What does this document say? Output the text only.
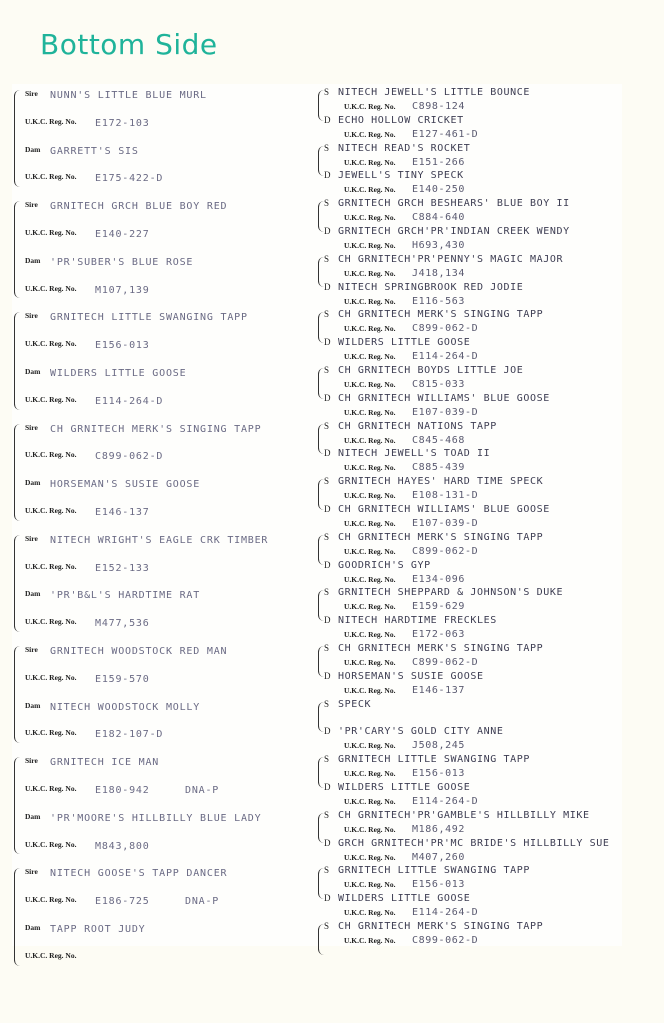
Bottom Side
Sire NUNN'S LITTLE BLUE MURL
U.K.C. Reg. No. E172-103
Dam GARRETT'S SIS
U.K.C. Reg. No. E175-422-D
Sire GRNITECH GRCH BLUE BOY RED
U.K.C. Reg. No. E140-227
Dam 'PR'SUBER'S BLUE ROSE
U.K.C. Reg. No. M107,139
Sire GRNITECH LITTLE SWANGING TAPP
U.K.C. Reg. No. E156-013
Dam WILDERS LITTLE GOOSE
U.K.C. Reg. No. E114-264-D
Sire CH GRNITECH MERK'S SINGING TAPP
U.K.C. Reg. No. C899-062-D
Dam HORSEMAN'S SUSIE GOOSE
U.K.C. Reg. No. E146-137
Sire NITECH WRIGHT'S EAGLE CRK TIMBER
U.K.C. Reg. No. E152-133
Dam 'PR'B&L'S HARDTIME RAT
U.K.C. Reg. No. M477,536
Sire GRNITECH WOODSTOCK RED MAN
U.K.C. Reg. No. E159-570
Dam NITECH WOODSTOCK MOLLY
U.K.C. Reg. No. E182-107-D
Sire GRNITECH ICE MAN
U.K.C. Reg. No. E180-942	DNA-P
Dam 'PR'MOORE'S HILLBILLY BLUE LADY
U.K.C. Reg. No. M843,800
Sire NITECH GOOSE'S TAPP DANCER
U.K.C. Reg. No. E186-725	DNA-P
Dam TAPP ROOT JUDY
U.K.C. Reg. No.
S NITECH JEWELL'S LITTLE BOUNCE
U.K.C. Reg. No. C898-124
D ECHO HOLLOW CRICKET
U.K.C. Reg. No. E127-461-D
S NITECH READ'S ROCKET
U.K.C. Reg. No. E151-266
D JEWELL'S TINY SPECK
U.K.C. Reg. No. E140-250
S GRNITECH GRCH BESHEARS' BLUE BOY II
U.K.C. Reg. No. C884-640
D GRNITECH GRCH'PR'INDIAN CREEK WENDY
U.K.C. Reg. No. H693,430
S CH GRNITECH'PR'PENNY'S MAGIC MAJOR
U.K.C. Reg. No. J418,134
D NITECH SPRINGBROOK RED JODIE
U.K.C. Reg. No. E116-563
S CH GRNITECH MERK'S SINGING TAPP
U.K.C. Reg. No. C899-062-D
D WILDERS LITTLE GOOSE
U.K.C. Reg. No. E114-264-D
S CH GRNITECH BOYDS LITTLE JOE
U.K.C. Reg. No. C815-033
D CH GRNITECH WILLIAMS' BLUE GOOSE
U.K.C. Reg. No. E107-039-D
S CH GRNITECH NATIONS TAPP
U.K.C. Reg. No. C845-468
D NITECH JEWELL'S TOAD II
U.K.C. Reg. No. C885-439
S GRNITECH HAYES' HARD TIME SPECK
U.K.C. Reg. No. E108-131-D
D CH GRNITECH WILLIAMS' BLUE GOOSE
U.K.C. Reg. No. E107-039-D
S CH GRNITECH MERK'S SINGING TAPP
U.K.C. Reg. No. C899-062-D
D GOODRICH'S GYP
U.K.C. Reg. No. E134-096
S GRNITECH SHEPPARD & JOHNSON'S DUKE
U.K.C. Reg. No. E159-629
D NITECH HARDTIME FRECKLES
U.K.C. Reg. No. E172-063
S CH GRNITECH MERK'S SINGING TAPP
U.K.C. Reg. No. C899-062-D
D HORSEMAN'S SUSIE GOOSE
U.K.C. Reg. No. E146-137
S SPECK
D 'PR'CARY'S GOLD CITY ANNE
U.K.C. Reg. No. J508,245
S GRNITECH LITTLE SWANGING TAPP
U.K.C. Reg. No. E156-013
D WILDERS LITTLE GOOSE
U.K.C. Reg. No. E114-264-D
S CH GRNITECH'PR'GAMBLE'S HILLBILLY MIKE
U.K.C. Reg. No. M186,492
D GRCH GRNITECH'PR'MC BRIDE'S HILLBILLY SUE
U.K.C. Reg. No. M407,260
S GRNITECH LITTLE SWANGING TAPP
U.K.C. Reg. No. E156-013
D WILDERS LITTLE GOOSE
U.K.C. Reg. No. E114-264-D
S CH GRNITECH MERK'S SINGING TAPP
U.K.C. Reg. No. C899-062-D
